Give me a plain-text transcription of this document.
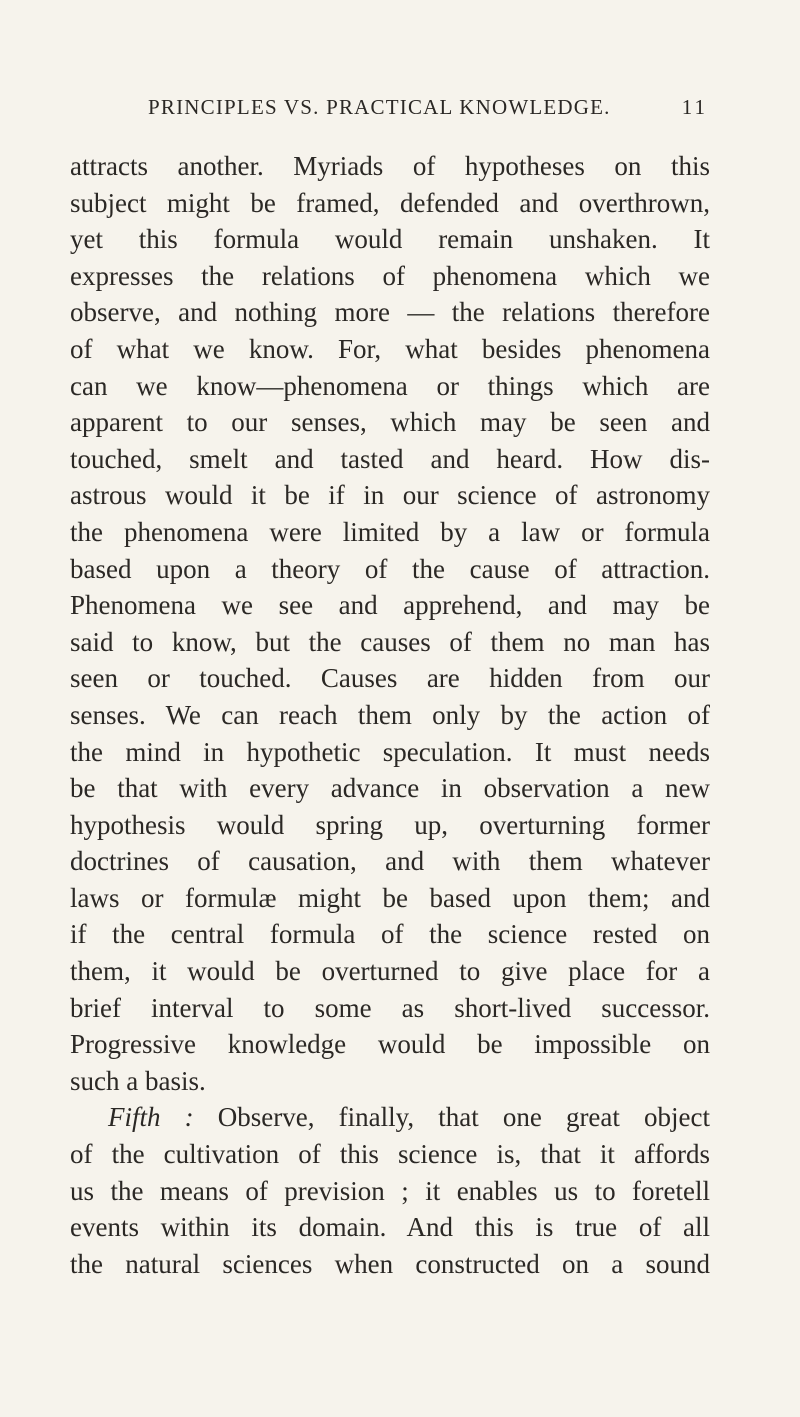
PRINCIPLES VS. PRACTICAL KNOWLEDGE.	11
attracts another. Myriads of hypotheses on this
subject might be framed, defended and overthrown,
yet this formula would remain unshaken. It
expresses the relations of phenomena which we
observe, and nothing more — the relations therefore
of what we know. For, what besides phenomena
can we know—phenomena or things which are
apparent to our senses, which may be seen and
touched, smelt and tasted and heard. How dis-
astrous would it be if in our science of astronomy
the phenomena were limited by a law or formula
based upon a theory of the cause of attraction.
Phenomena we see and apprehend, and may be
said to know, but the causes of them no man has
seen or touched. Causes are hidden from our
senses. We can reach them only by the action of
the mind in hypothetic speculation. It must needs
be that with every advance in observation a new
hypothesis would spring up, overturning former
doctrines of causation, and with them whatever
laws or formulæ might be based upon them; and
if the central formula of the science rested on
them, it would be overturned to give place for a
brief interval to some as short-lived successor.
Progressive knowledge would be impossible on
such a basis.
Fifth : Observe, finally, that one great object
of the cultivation of this science is, that it affords
us the means of prevision ; it enables us to foretell
events within its domain. And this is true of all
the natural sciences when constructed on a sound
